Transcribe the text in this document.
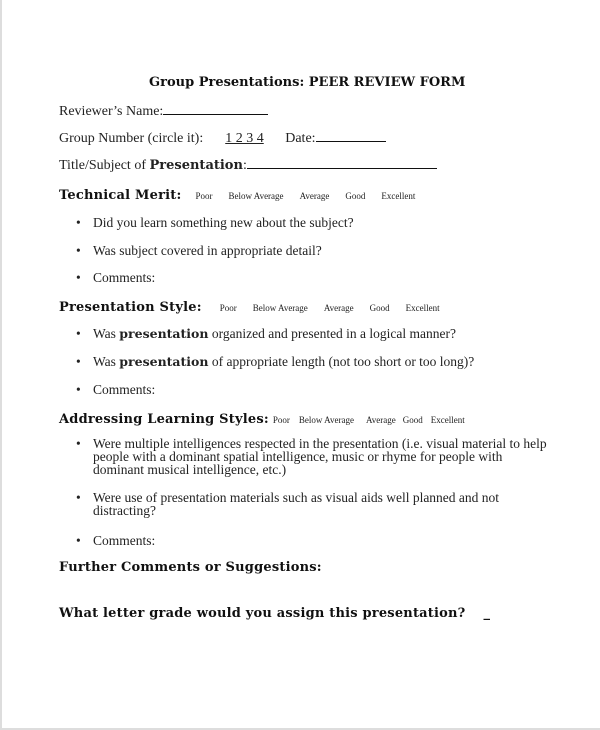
Group Presentations: PEER REVIEW FORM
Reviewer’s Name:
Group Number (circle it): 1 2 3 4 Date:
Title/Subject of Presentation:
Technical Merit: Poor Below Average Average Good Excellent
• Did you learn something new about the subject?
• Was subject covered in appropriate detail?
• Comments:
Presentation Style: Poor Below Average Average Good Excellent
• Was presentation organized and presented in a logical manner?
• Was presentation of appropriate length (not too short or too long)?
• Comments:
Addressing Learning Styles: Poor Below Average Average Good Excellent
• Were multiple intelligences respected in the presentation (i.e. visual material to help people with a dominant spatial intelligence, music or rhyme for people with dominant musical intelligence, etc.)
• Were use of presentation materials such as visual aids well planned and not distracting?
• Comments:
Further Comments or Suggestions:
What letter grade would you assign this presentation? _
